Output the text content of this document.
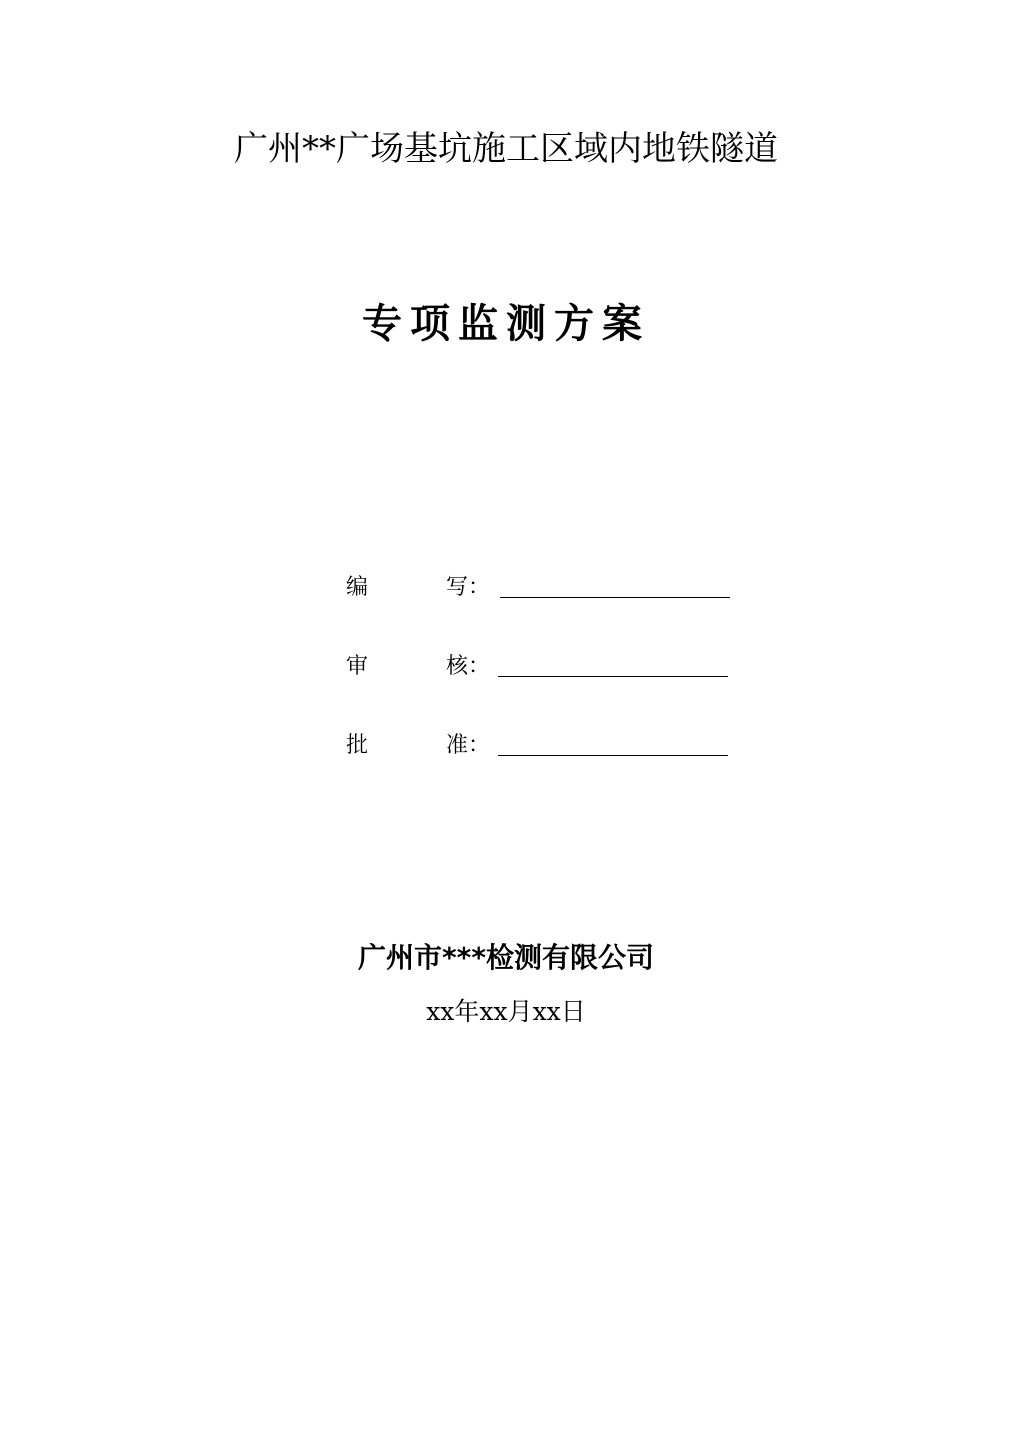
广州**广场基坑施工区域内地铁隧道
专项监测方案
编	写：
审	核：
批	准：
广州市***检测有限公司
xx年xx月xx日
